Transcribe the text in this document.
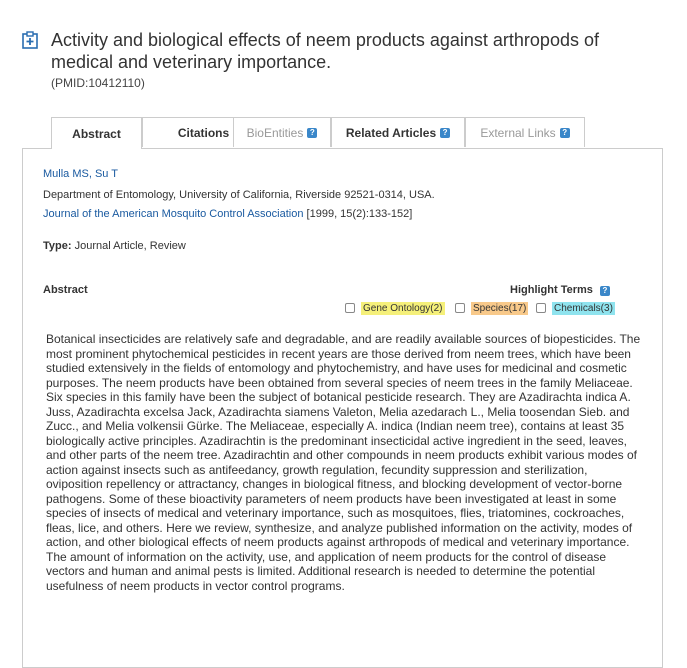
Activity and biological effects of neem products against arthropods of medical and veterinary importance.
(PMID:10412110)
Abstract	Citations BioEntities ?	Related Articles ?	External Links ?
Mulla MS, Su T
Department of Entomology, University of California, Riverside 92521-0314, USA.
Journal of the American Mosquito Control Association [1999, 15(2):133-152]
Type: Journal Article, Review
Abstract	Highlight Terms ?
Gene Ontology(2)	Species(17)	Chemicals(3)

Botanical insecticides are relatively safe and degradable, and are readily available sources of biopesticides. The most prominent phytochemical pesticides in recent years are those derived from neem trees, which have been studied extensively in the fields of entomology and phytochemistry, and have uses for medicinal and cosmetic purposes. The neem products have been obtained from several species of neem trees in the family Meliaceae. Six species in this family have been the subject of botanical pesticide research. They are Azadirachta indica A. Juss, Azadirachta excelsa Jack, Azadirachta siamens Valeton, Melia azedarach L., Melia toosendan Sieb. and Zucc., and Melia volkensii Gürke. The Meliaceae, especially A. indica (Indian neem tree), contains at least 35 biologically active principles. Azadirachtin is the predominant insecticidal active ingredient in the seed, leaves, and other parts of the neem tree. Azadirachtin and other compounds in neem products exhibit various modes of action against insects such as antifeedancy, growth regulation, fecundity suppression and sterilization, oviposition repellency or attractancy, changes in biological fitness, and blocking development of vector-borne pathogens. Some of these bioactivity parameters of neem products have been investigated at least in some species of insects of medical and veterinary importance, such as mosquitoes, flies, triatomines, cockroaches, fleas, lice, and others. Here we review, synthesize, and analyze published information on the activity, modes of action, and other biological effects of neem products against arthropods of medical and veterinary importance. The amount of information on the activity, use, and application of neem products for the control of disease vectors and human and animal pests is limited. Additional research is needed to determine the potential usefulness of neem products in vector control programs.
